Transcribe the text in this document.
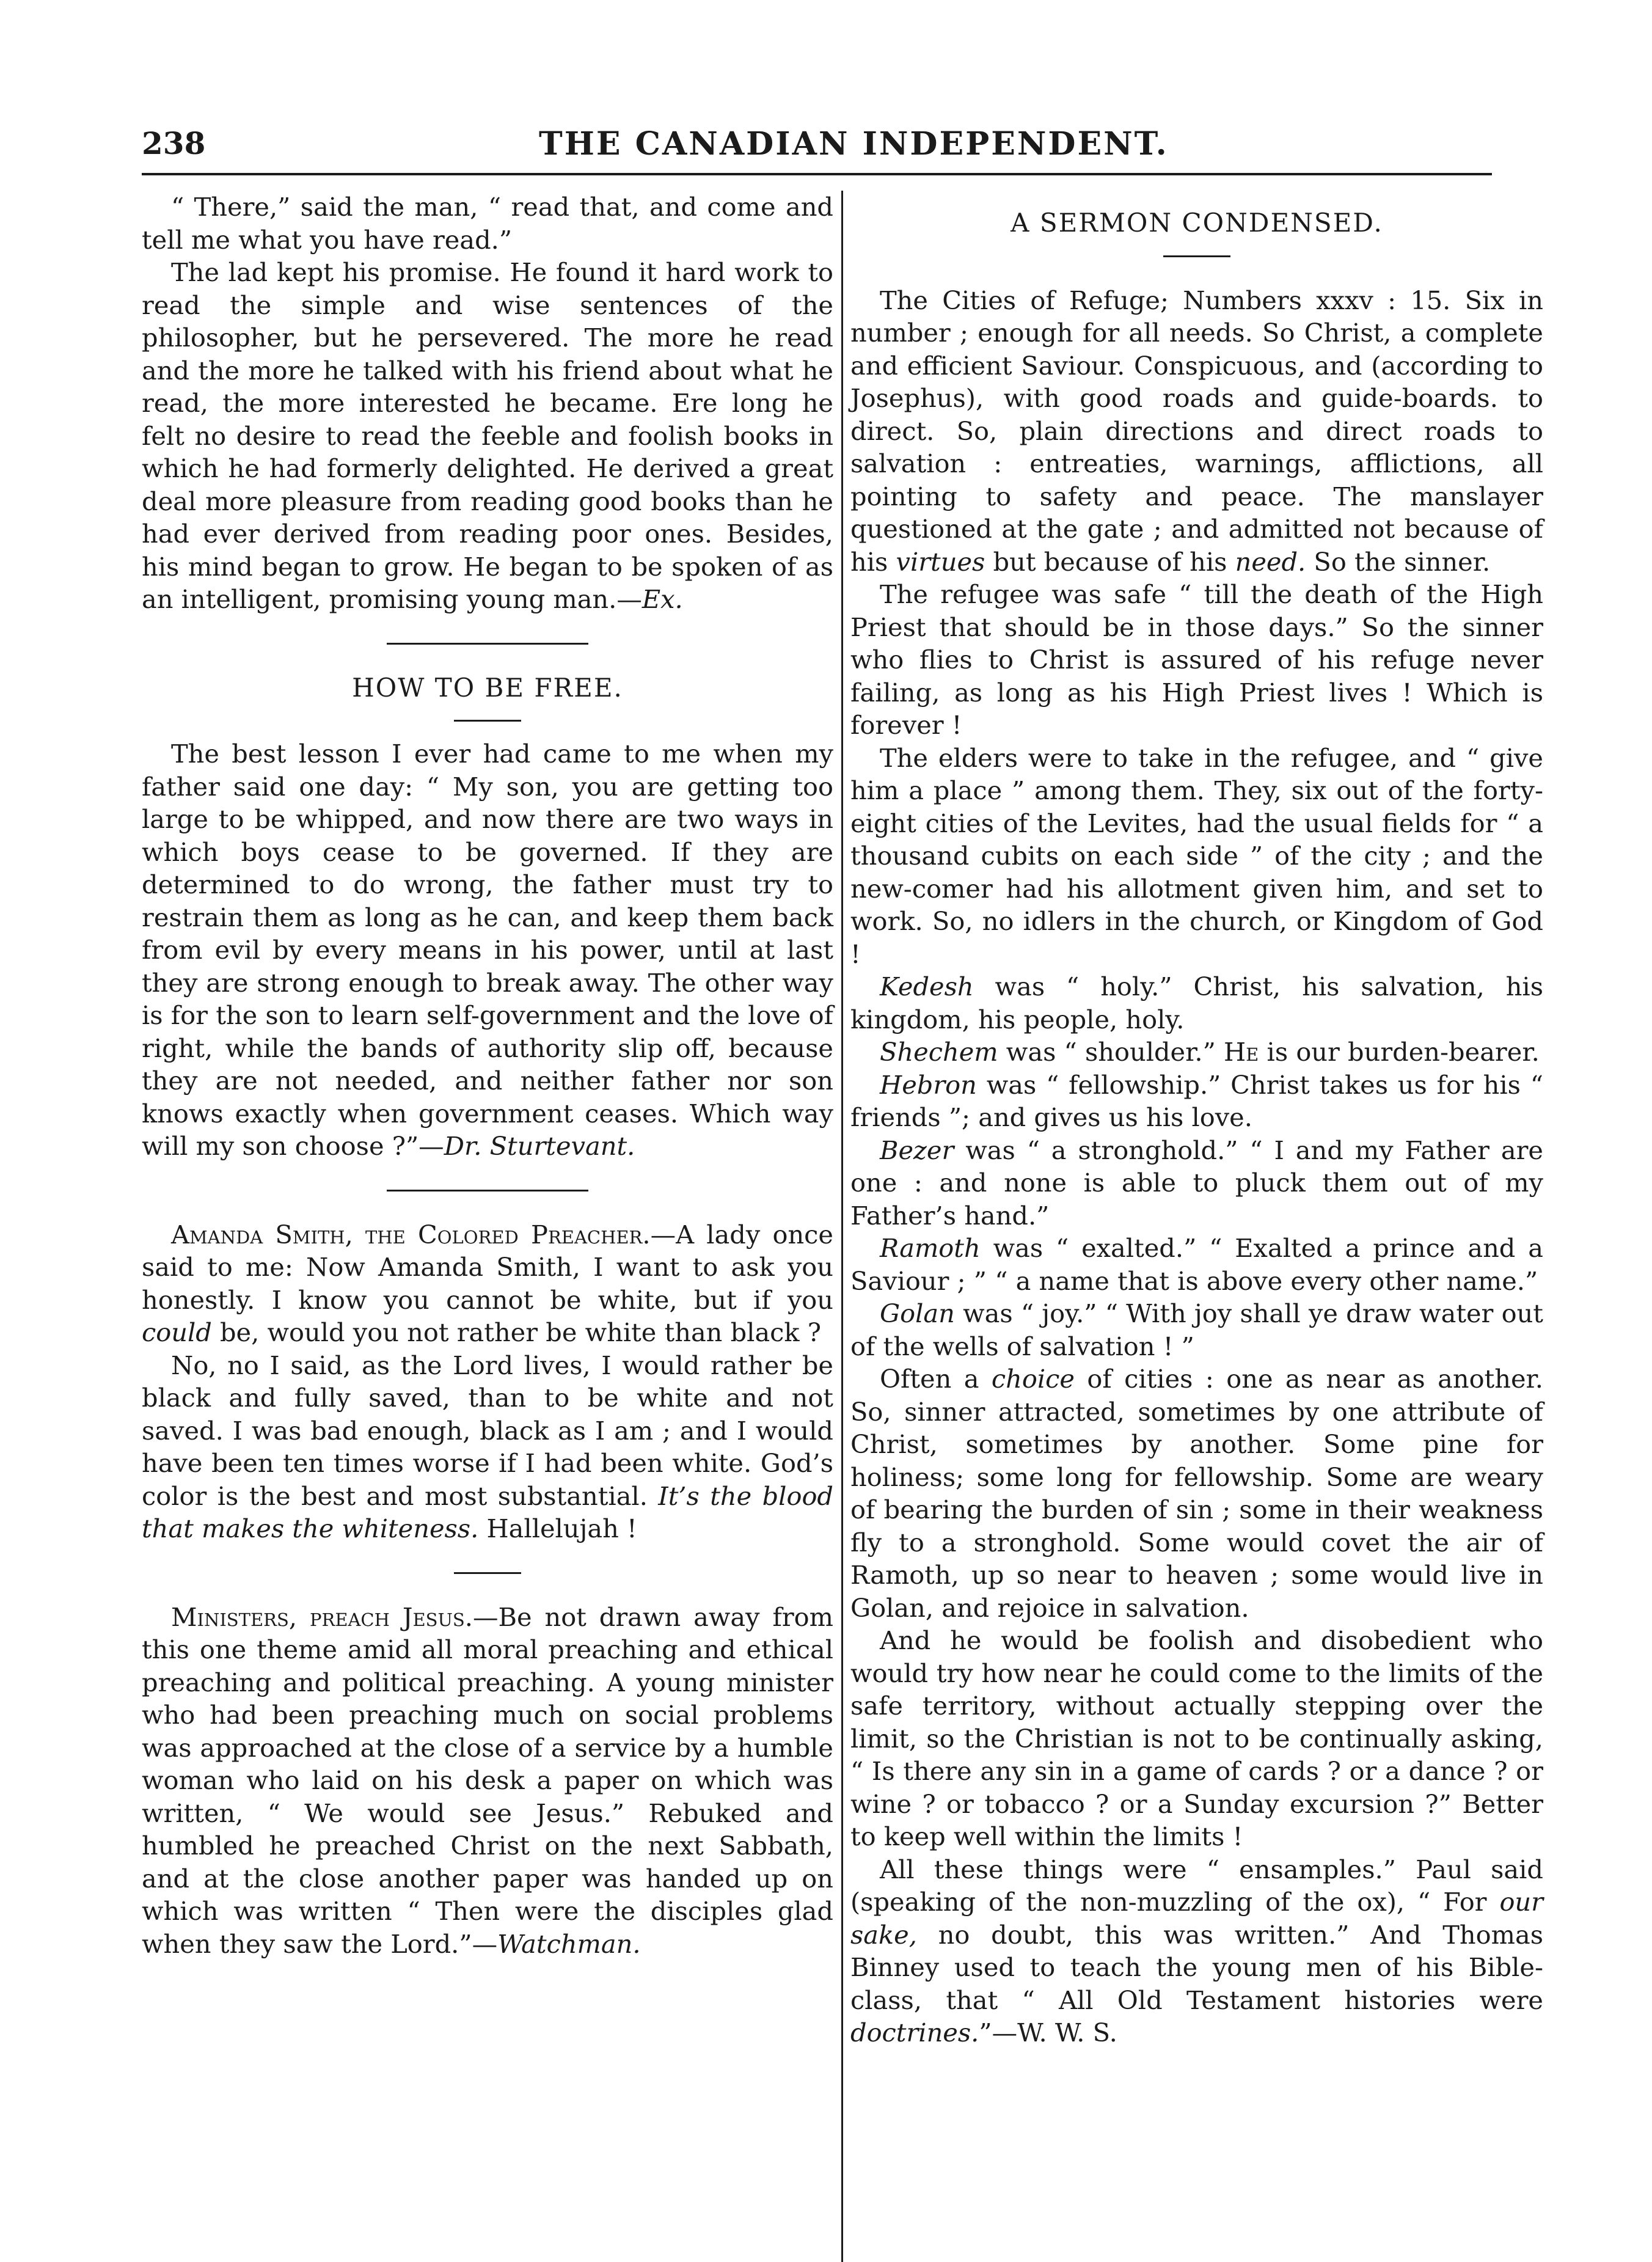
238	THE CANADIAN INDEPENDENT.

“ There,” said the man, “ read that, and come and tell me what you have read.”

The lad kept his promise. He found it hard work to read the simple and wise sentences of the philosopher, but he persevered. The more he read and the more he talked with his friend about what he read, the more interested he became. Ere long he felt no desire to read the feeble and foolish books in which he had formerly delighted. He derived a great deal more pleasure from reading good books than he had ever derived from reading poor ones. Besides, his mind began to grow. He began to be spoken of as an intelligent, promising young man.—Ex.

HOW TO BE FREE.

The best lesson I ever had came to me when my father said one day: “ My son, you are getting too large to be whipped, and now there are two ways in which boys cease to be governed. If they are determined to do wrong, the father must try to restrain them as long as he can, and keep them back from evil by every means in his power, until at last they are strong enough to break away. The other way is for the son to learn self-government and the love of right, while the bands of authority slip off, because they are not needed, and neither father nor son knows exactly when government ceases. Which way will my son choose ?”—Dr. Sturtevant.

Amanda Smith, the Colored Preacher.—A lady once said to me: Now Amanda Smith, I want to ask you honestly. I know you cannot be white, but if you could be, would you not rather be white than black ?

No, no I said, as the Lord lives, I would rather be black and fully saved, than to be white and not saved. I was bad enough, black as I am ; and I would have been ten times worse if I had been white. God’s color is the best and most substantial. It’s the blood that makes the whiteness. Hallelujah !

Ministers, preach Jesus.—Be not drawn away from this one theme amid all moral preaching and ethical preaching and political preaching. A young minister who had been preaching much on social problems was approached at the close of a service by a humble woman who laid on his desk a paper on which was written, “ We would see Jesus.” Rebuked and humbled he preached Christ on the next Sabbath, and at the close another paper was handed up on which was written “ Then were the disciples glad when they saw the Lord.”—Watchman.

A SERMON CONDENSED.

The Cities of Refuge; Numbers xxxv : 15. Six in number ; enough for all needs. So Christ, a complete and efficient Saviour. Conspicuous, and (according to Josephus), with good roads and guide-boards. to direct. So, plain directions and direct roads to salvation : entreaties, warnings, afflictions, all pointing to safety and peace. The manslayer questioned at the gate ; and admitted not because of his virtues but because of his need. So the sinner.

The refugee was safe “ till the death of the High Priest that should be in those days.” So the sinner who flies to Christ is assured of his refuge never failing, as long as his High Priest lives ! Which is forever !

The elders were to take in the refugee, and “ give him a place ” among them. They, six out of the forty-eight cities of the Levites, had the usual fields for “ a thousand cubits on each side ” of the city ; and the new-comer had his allotment given him, and set to work. So, no idlers in the church, or Kingdom of God !

Kedesh was “ holy.” Christ, his salvation, his kingdom, his people, holy.

Shechem was “ shoulder.” He is our burden-bearer.

Hebron was “ fellowship.” Christ takes us for his “ friends ”; and gives us his love.

Bezer was “ a stronghold.” “ I and my Father are one : and none is able to pluck them out of my Father’s hand.”

Ramoth was “ exalted.” “ Exalted a prince and a Saviour ; ” “ a name that is above every other name.”

Golan was “ joy.” “ With joy shall ye draw water out of the wells of salvation ! ”

Often a choice of cities : one as near as another. So, sinner attracted, sometimes by one attribute of Christ, sometimes by another. Some pine for holiness; some long for fellowship. Some are weary of bearing the burden of sin ; some in their weakness fly to a stronghold. Some would covet the air of Ramoth, up so near to heaven ; some would live in Golan, and rejoice in salvation.

And he would be foolish and disobedient who would try how near he could come to the limits of the safe territory, without actually stepping over the limit, so the Christian is not to be continually asking, “ Is there any sin in a game of cards ? or a dance ? or wine ? or tobacco ? or a Sunday excursion ?” Better to keep well within the limits !

All these things were “ ensamples.” Paul said (speaking of the non-muzzling of the ox), “ For our sake, no doubt, this was written.” And Thomas Binney used to teach the young men of his Bible-class, that “ All Old Testament histories were doctrines.”—W. W. S.
